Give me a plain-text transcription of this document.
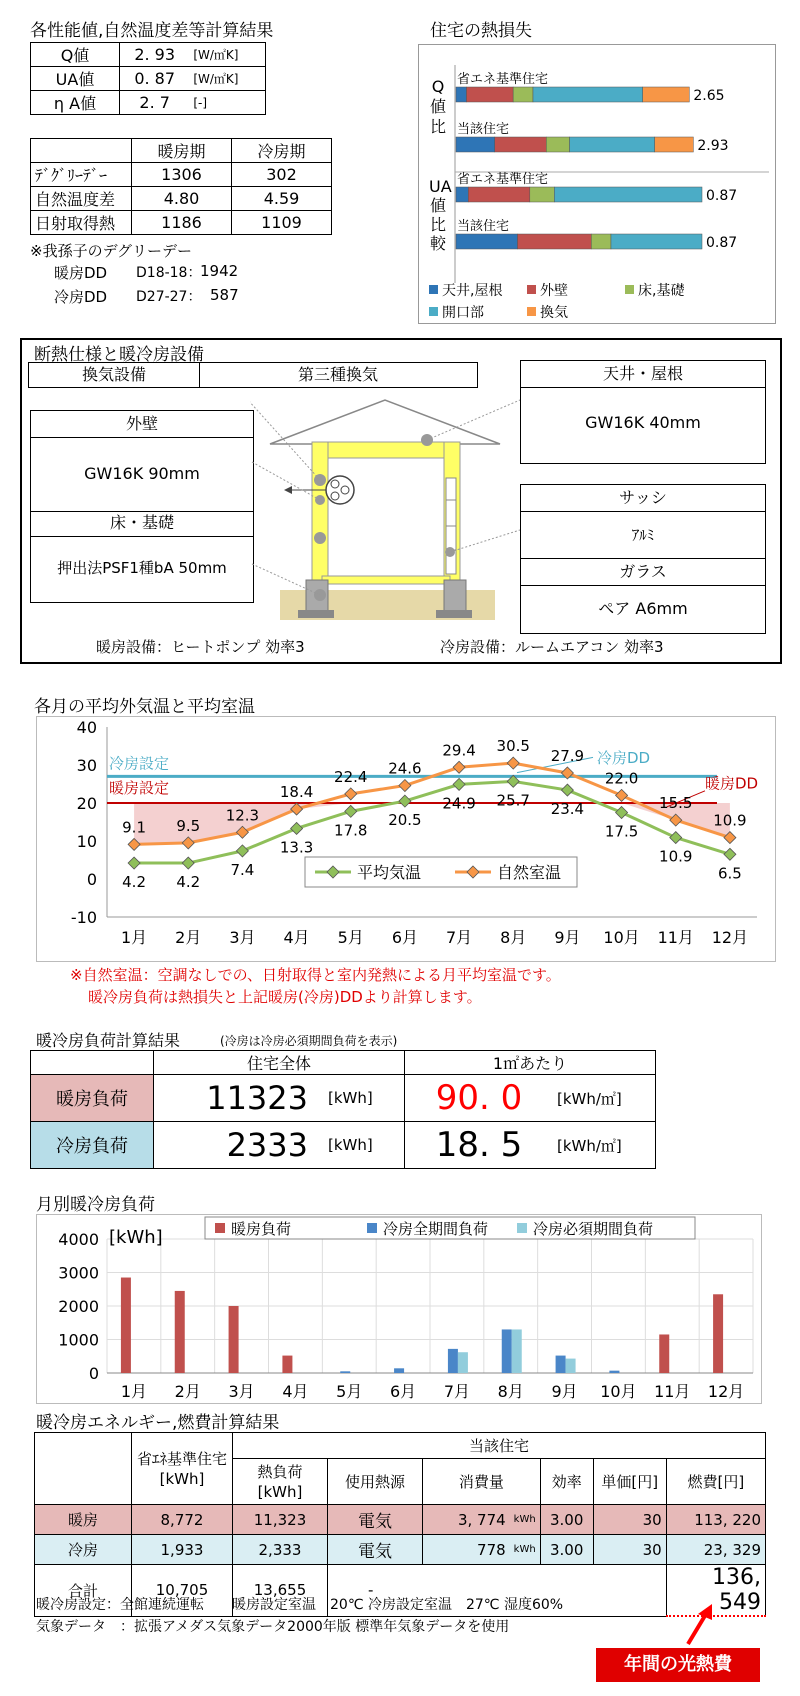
各性能値,自然温度差等計算結果
Q値	2. 93	[W/㎡K]
UA値	0. 87	[W/㎡K]
η A値	2. 7	[-]
	暖房期	冷房期
ﾃﾞｸﾞﾘｰﾃﾞｰ	1306	302
自然温度差	4.80	4.59
日射取得熱	1186	1109
※我孫子のデグリーデー
暖房DD D18-18：
1942
冷房DD D27-27： 587
住宅の熱損失
省エネ基準住宅
2.65
当該住宅
2.93
省エネ基準住宅
0.87
当該住宅
0.87
天井,屋根	外壁	床,基礎
開口部	換気
Q値比
UA値比較
断熱仕様と暖冷房設備
換気設備	第三種換気
外壁
GW16K 90mm
床・基礎
押出法PSF1種bA 50mm
天井・屋根
GW16K 40mm
サッシ
ｱﾙﾐ
ガラス
ペア A6mm
暖房設備：ヒートポンプ 効率3	冷房設備：ルームエアコン 効率3
各月の平均外気温と平均室温
40
30
20
10
0
-10
冷房設定
暖房設定
冷房DD
暖房DD
4.2 4.2
7.4
13.3
17.8
20.5
24.9 25.7 23.4
17.5
10.9
6.5
9.1 9.5
12.3
18.4
22.4 24.6
29.4 30.5
27.9
22.0
15.5
10.9
1月 2月 3月 4月 5月 6月 7月 8月 9月 10月 11月 12月
平均気温	自然室温
※自然室温：空調なしでの、日射取得と室内発熱による月平均室温です。
暖冷房負荷は熱損失と上記暖房(冷房)DDより計算します。
暖冷房負荷計算結果	(冷房は冷房必須期間負荷を表示)
	住宅全体		1㎡あたり	
暖房負荷	11323	[kWh]	90. 0	[kWh/㎡]
冷房負荷	2333	[kWh]	18. 5	[kWh/㎡]
月別暖冷房負荷
4000
3000
2000
1000
0
[kWh]
1月 2月 3月 4月 5月 6月 7月 8月 9月 10月 11月 12月
暖房負荷	冷房全期間負荷	冷房必須期間負荷
暖冷房エネルギー,燃費計算結果
	省ｴﾈ基準住宅[kWh]	当該住宅						
		熱負荷[kWh]	使用熱源	消費量		効率	単価[円]	燃費[円]
暖房	8,772	11,323	電気	3, 774	kWh	3.00	30	113, 220
冷房	1,933	2,333	電気	778	kWh	3.00	30	23, 329
合計	10,705	13,655	-					136, 549
暖冷房設定：全館連続運転　　暖房設定室温　20℃ 冷房設定室温　27℃ 湿度60%
気象データ　：拡張アメダス気象データ2000年版 標準年気象データを使用
年間の光熱費
